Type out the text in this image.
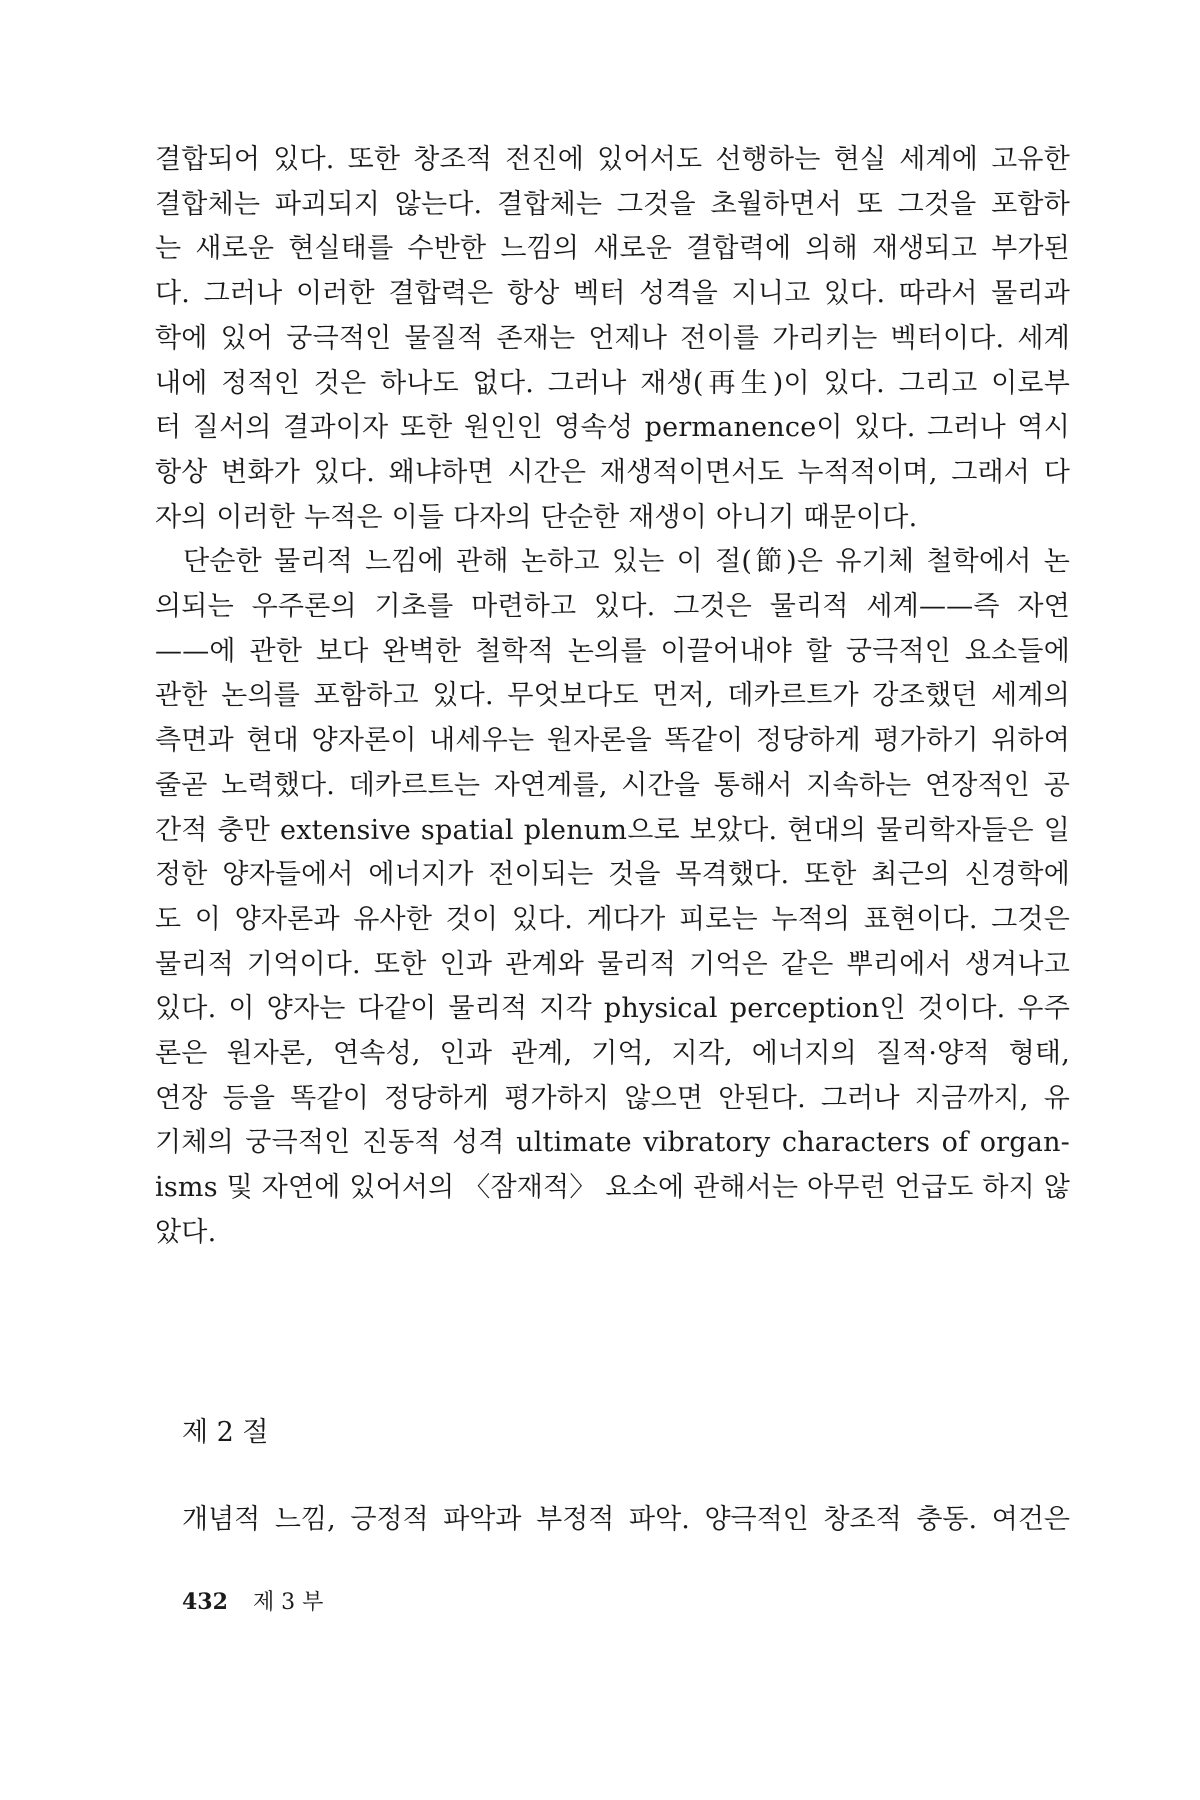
결합되어 있다. 또한 창조적 전진에 있어서도 선행하는 현실 세계에 고유한
결합체는 파괴되지 않는다. 결합체는 그것을 초월하면서 또 그것을 포함하
는 새로운 현실태를 수반한 느낌의 새로운 결합력에 의해 재생되고 부가된
다. 그러나 이러한 결합력은 항상 벡터 성격을 지니고 있다. 따라서 물리과
학에 있어 궁극적인 물질적 존재는 언제나 전이를 가리키는 벡터이다. 세계
내에 정적인 것은 하나도 없다. 그러나 재생(再生)이 있다. 그리고 이로부
터 질서의 결과이자 또한 원인인 영속성 permanence이 있다. 그러나 역시
항상 변화가 있다. 왜냐하면 시간은 재생적이면서도 누적적이며, 그래서 다
자의 이러한 누적은 이들 다자의 단순한 재생이 아니기 때문이다.

단순한 물리적 느낌에 관해 논하고 있는 이 절(節)은 유기체 철학에서 논
의되는 우주론의 기초를 마련하고 있다. 그것은 물리적 세계——즉 자연
——에 관한 보다 완벽한 철학적 논의를 이끌어내야 할 궁극적인 요소들에
관한 논의를 포함하고 있다. 무엇보다도 먼저, 데카르트가 강조했던 세계의
측면과 현대 양자론이 내세우는 원자론을 똑같이 정당하게 평가하기 위하여
줄곧 노력했다. 데카르트는 자연계를, 시간을 통해서 지속하는 연장적인 공
간적 충만 extensive spatial plenum으로 보았다. 현대의 물리학자들은 일
정한 양자들에서 에너지가 전이되는 것을 목격했다. 또한 최근의 신경학에
도 이 양자론과 유사한 것이 있다. 게다가 피로는 누적의 표현이다. 그것은
물리적 기억이다. 또한 인과 관계와 물리적 기억은 같은 뿌리에서 생겨나고
있다. 이 양자는 다같이 물리적 지각 physical perception인 것이다. 우주
론은 원자론, 연속성, 인과 관계, 기억, 지각, 에너지의 질적·양적 형태,
연장 등을 똑같이 정당하게 평가하지 않으면 안된다. 그러나 지금까지, 유
기체의 궁극적인 진동적 성격 ultimate vibratory characters of organ-
isms 및 자연에 있어서의 〈잠재적〉 요소에 관해서는 아무런 언급도 하지 않
았다.

제 2 절

개념적 느낌, 긍정적 파악과 부정적 파악. 양극적인 창조적 충동. 여건은

432 제 3 부
